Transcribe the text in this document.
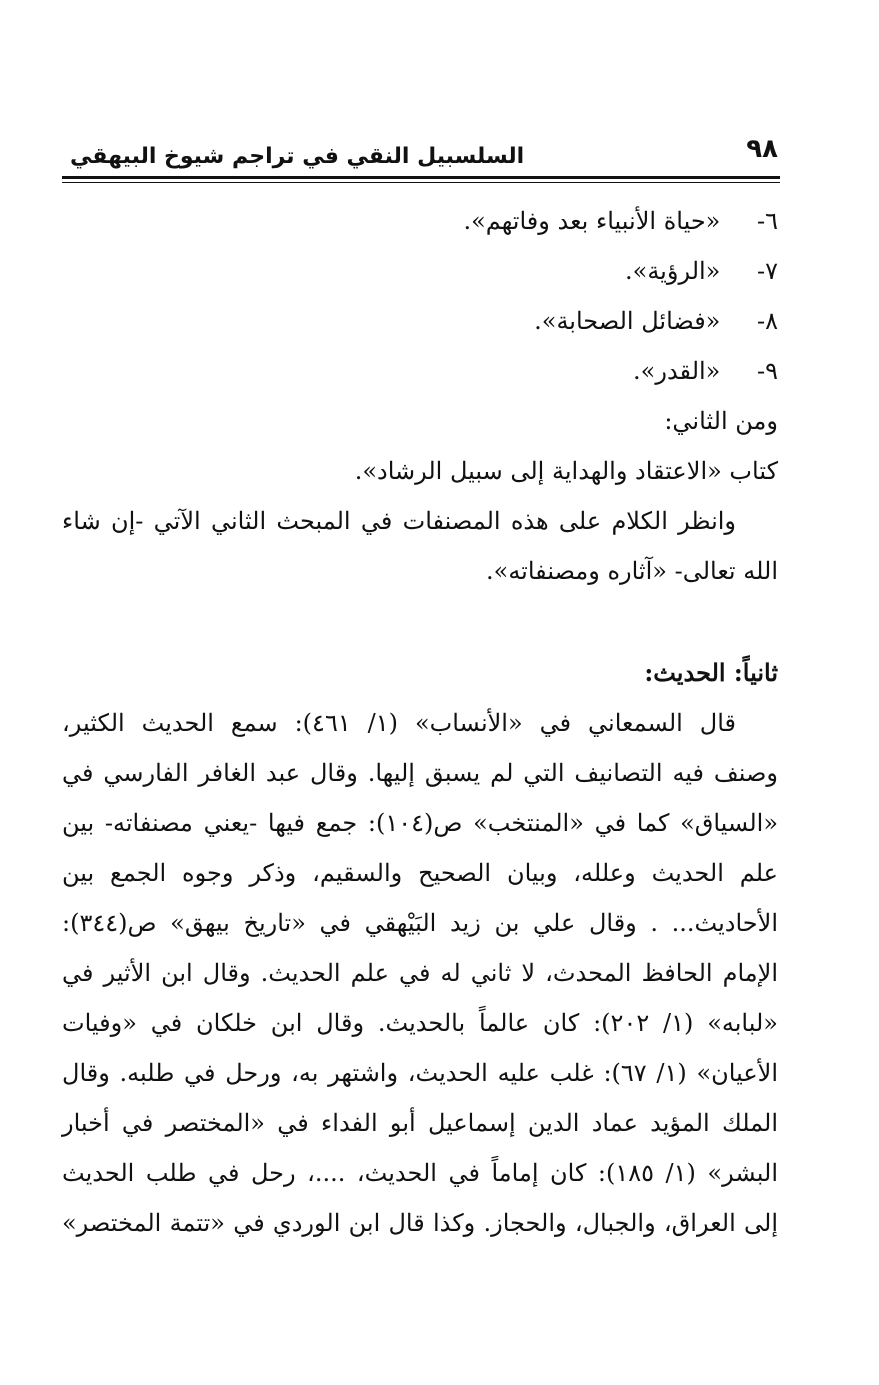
٩٨
السلسبيل النقي في تراجم شيوخ البيهقي

٦- «حياة الأنبياء بعد وفاتهم».

٧- «الرؤية».

٨- «فضائل الصحابة».

٩- «القدر».

ومن الثاني:

كتاب «الاعتقاد والهداية إلى سبيل الرشاد».

وانظر الكلام على هذه المصنفات في المبحث الثاني الآتي -إن شاء
الله تعالى- «آثاره ومصنفاته».

ثانياً: الحديث:

قال السمعاني في «الأنساب» (١/ ٤٦١): سمع الحديث الكثير،
وصنف فيه التصانيف التي لم يسبق إليها. وقال عبد الغافر الفارسي في
«السياق» كما في «المنتخب» ص(١٠٤): جمع فيها -يعني مصنفاته- بين
علم الحديث وعلله، وبيان الصحيح والسقيم، وذكر وجوه الجمع بين
الأحاديث... . وقال علي بن زيد البَيْهقي في «تاريخ بيهق» ص(٣٤٤):
الإمام الحافظ المحدث، لا ثاني له في علم الحديث. وقال ابن الأثير في
«لبابه» (١/ ٢٠٢): كان عالماً بالحديث. وقال ابن خلكان في «وفيات
الأعيان» (١/ ٦٧): غلب عليه الحديث، واشتهر به، ورحل في طلبه. وقال
الملك المؤيد عماد الدين إسماعيل أبو الفداء في «المختصر في أخبار
البشر» (١/ ١٨٥): كان إماماً في الحديث، ....، رحل في طلب الحديث
إلى العراق، والجبال، والحجاز. وكذا قال ابن الوردي في «تتمة المختصر»
